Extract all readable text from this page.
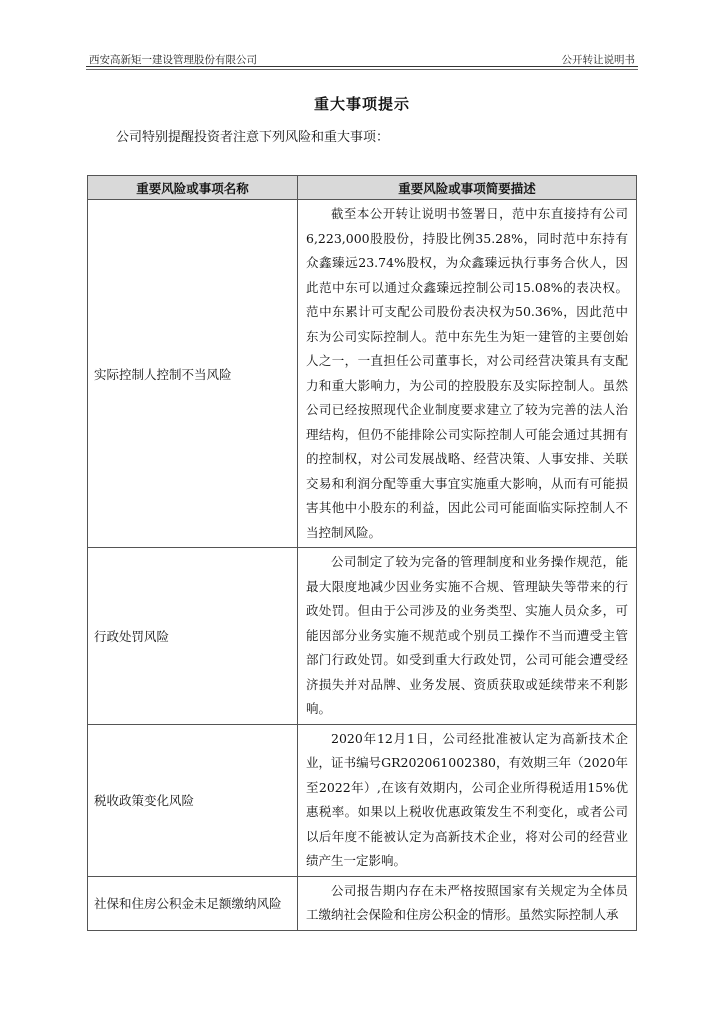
西安高新矩一建设管理股份有限公司	公开转让说明书
重大事项提示
公司特别提醒投资者注意下列风险和重大事项：
重要风险或事项名称	重要风险或事项简要描述
实际控制人控制不当风险	截至本公开转让说明书签署日，范中东直接持有公司6,223,000股股份，持股比例35.28%，同时范中东持有众鑫臻远23.74%股权，为众鑫臻远执行事务合伙人，因此范中东可以通过众鑫臻远控制公司15.08%的表决权。范中东累计可支配公司股份表决权为50.36%，因此范中东为公司实际控制人。范中东先生为矩一建管的主要创始人之一，一直担任公司董事长，对公司经营决策具有支配力和重大影响力，为公司的控股股东及实际控制人。虽然公司已经按照现代企业制度要求建立了较为完善的法人治理结构，但仍不能排除公司实际控制人可能会通过其拥有的控制权，对公司发展战略、经营决策、人事安排、关联交易和利润分配等重大事宜实施重大影响，从而有可能损害其他中小股东的利益，因此公司可能面临实际控制人不当控制风险。

行政处罚风险	公司制定了较为完备的管理制度和业务操作规范，能最大限度地减少因业务实施不合规、管理缺失等带来的行政处罚。但由于公司涉及的业务类型、实施人员众多，可能因部分业务实施不规范或个别员工操作不当而遭受主管部门行政处罚。如受到重大行政处罚，公司可能会遭受经济损失并对品牌、业务发展、资质获取或延续带来不利影响。

税收政策变化风险	2020年12月1日，公司经批准被认定为高新技术企业，证书编号GR202061002380，有效期三年（2020年至2022年）,在该有效期内，公司企业所得税适用15%优惠税率。如果以上税收优惠政策发生不利变化，或者公司以后年度不能被认定为高新技术企业，将对公司的经营业绩产生一定影响。

社保和住房公积金未足额缴纳风险	公司报告期内存在未严格按照国家有关规定为全体员工缴纳社会保险和住房公积金的情形。虽然实际控制人承
